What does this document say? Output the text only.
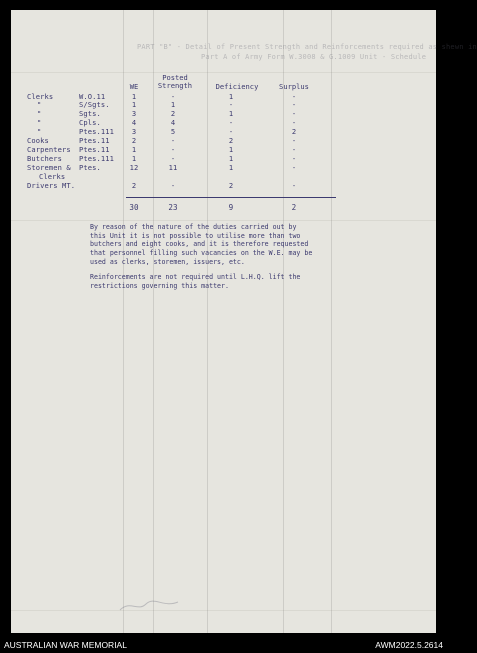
PART "B" - Detail of Present Strength and Reinforcements required as shewn in
Part A of Army Form W.3008 & G.1009 Unit - Schedule
WE
Posted Strength	Deficiency	Surplus
Clerks	W.O.11	1	-	1	-
"	S/Sgts.	1	1	-	-
"	Sgts.	3	2	1	-
"	Cpls.	4	4	-	-
"	Ptes.111	3	5	-	2
Cooks	Ptes.11	2	-	2	-
Carpenters Ptes.11	1	-	1	-
Butchers Ptes.111	1	-	1	-
Storemen & Ptes.	12	11	1	-
Clerks
Drivers MT.	2	-	2	-
30	23	9	2
By reason of the nature of the duties carried out by
this Unit it is not possible to utilise more than two
butchers and eight cooks, and it is therefore requested
that personnel filling such vacancies on the W.E. may be
used as clerks, storemen, issuers, etc.
Reinforcements are not required until L.H.Q. lift the
restrictions governing this matter.
AUSTRALIAN WAR MEMORIAL	AWM2022.5.2614
